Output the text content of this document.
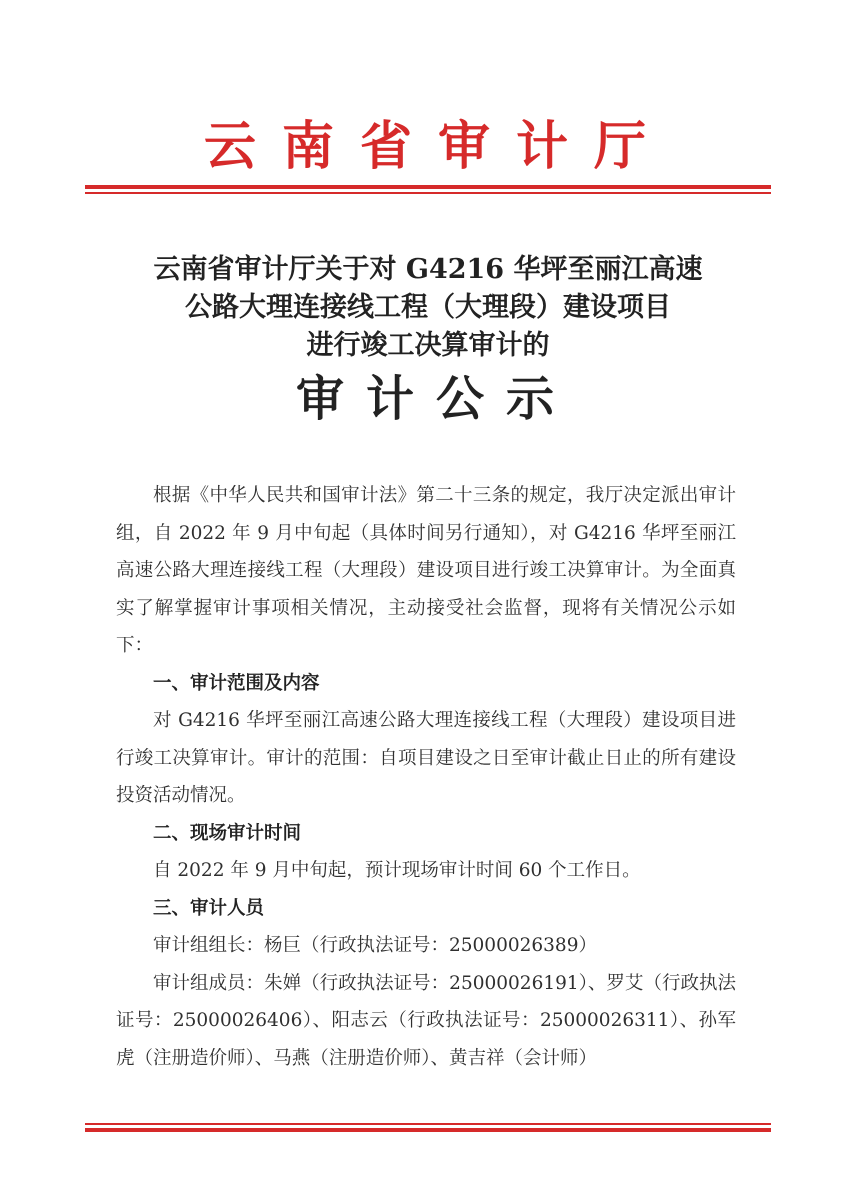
云南省审计厅
云南省审计厅关于对 G4216 华坪至丽江高速
公路大理连接线工程（大理段）建设项目
进行竣工决算审计的
审计公示

根据《中华人民共和国审计法》第二十三条的规定，我厅决定派出审计组，自 2022 年 9 月中旬起（具体时间另行通知），对 G4216 华坪至丽江高速公路大理连接线工程（大理段）建设项目进行竣工决算审计。为全面真实了解掌握审计事项相关情况，主动接受社会监督，现将有关情况公示如下：

一、审计范围及内容

对 G4216 华坪至丽江高速公路大理连接线工程（大理段）建设项目进行竣工决算审计。审计的范围：自项目建设之日至审计截止日止的所有建设投资活动情况。

二、现场审计时间

自 2022 年 9 月中旬起，预计现场审计时间 60 个工作日。

三、审计人员

审计组组长：杨巨（行政执法证号：25000026389）

审计组成员：朱婵（行政执法证号：25000026191）、罗艾（行政执法证号：25000026406）、阳志云（行政执法证号：25000026311）、孙军虎（注册造价师）、马燕（注册造价师）、黄吉祥（会计师）
